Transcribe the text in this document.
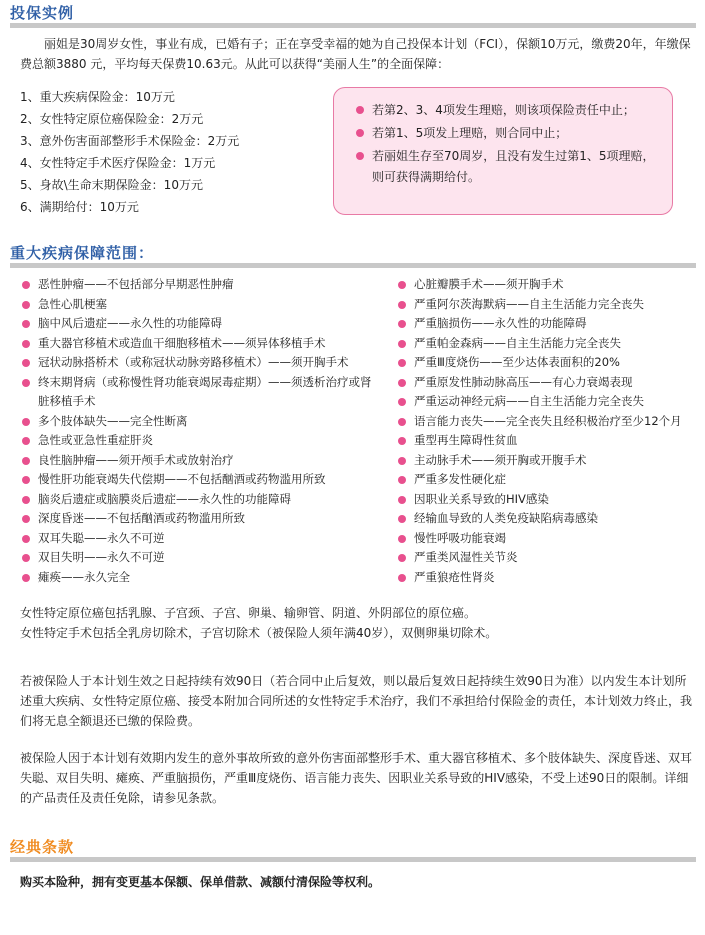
投保实例
丽姐是30周岁女性，事业有成，已婚有子；正在享受幸福的她为自己投保本计划（FCI），保额10万元，缴费20年，年缴保费总额3880 元，平均每天保费10.63元。从此可以获得“美丽人生”的全面保障：
1、重大疾病保险金：10万元
2、女性特定原位癌保险金：2万元
3、意外伤害面部整形手术保险金：2万元
4、女性特定手术医疗保险金：1万元
5、身故\生命末期保险金：10万元
6、满期给付：10万元
若第2、3、4项发生理赔，则该项保险责任中止；
若第1、5项发上理赔，则合同中止；
若丽姐生存至70周岁，且没有发生过第1、5项理赔，则可获得满期给付。
重大疾病保障范围：
恶性肿瘤——不包括部分早期恶性肿瘤
急性心肌梗塞
脑中风后遗症——永久性的功能障碍
重大器官移植术或造血干细胞移植术——须异体移植手术
冠状动脉搭桥术（或称冠状动脉旁路移植术）——须开胸手术
终末期肾病（或称慢性肾功能衰竭尿毒症期）——须透析治疗或肾脏移植手术
多个肢体缺失——完全性断离
急性或亚急性重症肝炎
良性脑肿瘤——须开颅手术或放射治疗
慢性肝功能衰竭失代偿期——不包括酗酒或药物滥用所致
脑炎后遗症或脑膜炎后遗症——永久性的功能障碍
深度昏迷——不包括酗酒或药物滥用所致
双耳失聪——永久不可逆
双目失明——永久不可逆
瘫痪——永久完全
心脏瓣膜手术——须开胸手术
严重阿尔茨海默病——自主生活能力完全丧失
严重脑损伤——永久性的功能障碍
严重帕金森病——自主生活能力完全丧失
严重Ⅲ度烧伤——至少达体表面积的20%
严重原发性肺动脉高压——有心力衰竭表现
严重运动神经元病——自主生活能力完全丧失
语言能力丧失——完全丧失且经积极治疗至少12个月
重型再生障碍性贫血
主动脉手术——须开胸或开腹手术
严重多发性硬化症
因职业关系导致的HIV感染
经输血导致的人类免疫缺陷病毒感染
慢性呼吸功能衰竭
严重类风湿性关节炎
严重狼疮性肾炎
女性特定原位癌包括乳腺、子宫颈、子宫、卵巢、输卵管、阴道、外阴部位的原位癌。
女性特定手术包括全乳房切除术，子宫切除术（被保险人须年满40岁），双侧卵巢切除术。
若被保险人于本计划生效之日起持续有效90日（若合同中止后复效，则以最后复效日起持续生效90日为准）以内发生本计划所述重大疾病、女性特定原位癌、接受本附加合同所述的女性特定手术治疗，我们不承担给付保险金的责任，本计划效力终止，我们将无息全额退还已缴的保险费。
被保险人因于本计划有效期内发生的意外事故所致的意外伤害面部整形手术、重大器官移植术、多个肢体缺失、深度昏迷、双耳失聪、双目失明、瘫痪、严重脑损伤，严重Ⅲ度烧伤、语言能力丧失、因职业关系导致的HIV感染，不受上述90日的限制。详细的产品责任及责任免除，请参见条款。
经典条款
购买本险种，拥有变更基本保额、保单借款、减额付清保险等权利。
